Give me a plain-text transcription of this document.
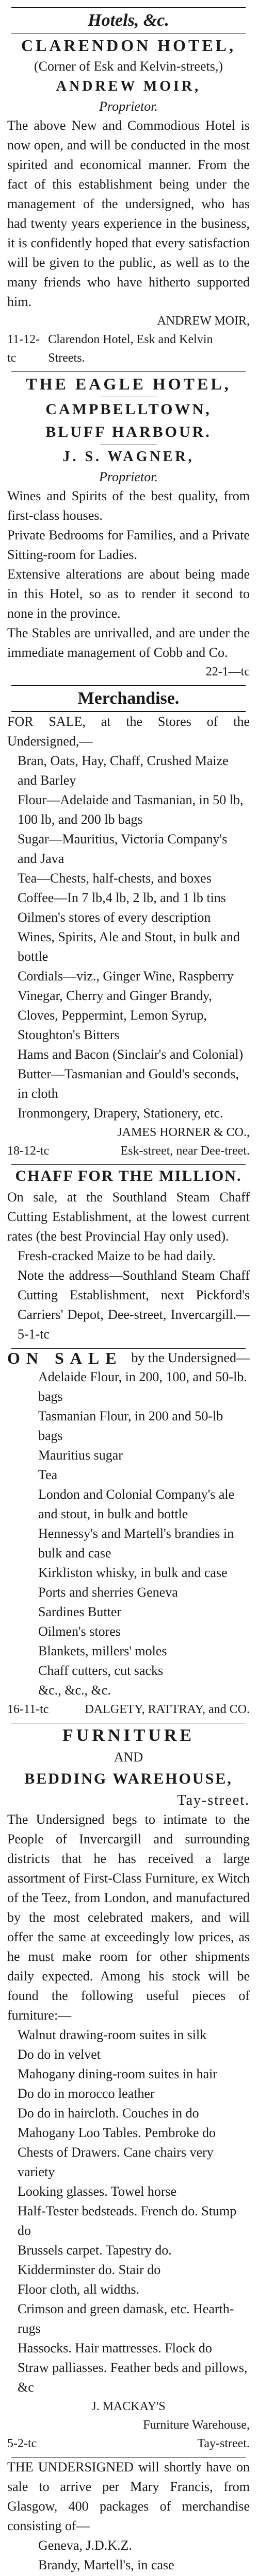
Hotels, &c.
CLARENDON HOTEL,
(Corner of Esk and Kelvin-streets,)
ANDREW MOIR,
Proprietor.
The above New and Commodious Hotel is now open, and will be conducted in the most spirited and economical manner. From the fact of this establishment being under the management of the undersigned, who has had twenty years experience in the business, it is confidently hoped that every satisfaction will be given to the public, as well as to the many friends who have hitherto supported him.
ANDREW MOIR,
11-12-tc
Clarendon Hotel, Esk and Kelvin Streets.
THE EAGLE HOTEL,
CAMPBELLTOWN,
BLUFF HARBOUR.
J. S. WAGNER,
Proprietor.
Wines and Spirits of the best quality, from first-class houses.
Private Bedrooms for Families, and a Private Sitting-room for Ladies.
Extensive alterations are about being made in this Hotel, so as to render it second to none in the province.
The Stables are unrivalled, and are under the immediate management of Cobb and Co.
22-1—tc
Merchandise.
FOR SALE, at the Stores of the Undersigned,—
Bran, Oats, Hay, Chaff, Crushed Maize and Barley
Flour—Adelaide and Tasmanian, in 50 lb, 100 lb, and 200 lb bags
Sugar—Mauritius, Victoria Company's and Java
Tea—Chests, half-chests, and boxes
Coffee—In 7 lb,4 lb, 2 lb, and 1 lb tins
Oilmen's stores of every description
Wines, Spirits, Ale and Stout, in bulk and bottle
Cordials—viz., Ginger Wine, Raspberry Vinegar, Cherry and Ginger Brandy, Cloves, Peppermint, Lemon Syrup, Stoughton's Bitters
Hams and Bacon (Sinclair's and Colonial)
Butter—Tasmanian and Gould's seconds, in cloth
Ironmongery, Drapery, Stationery, etc.
JAMES HORNER & CO.,
18-12-tc	Esk-street, near Dee-treet.
CHAFF FOR THE MILLION.
On sale, at the Southland Steam Chaff Cutting Establishment, at the lowest current rates (the best Provincial Hay only used).
Fresh-cracked Maize to be had daily.
Note the address—Southland Steam Chaff Cutting Establishment, next Pickford's Carriers' Depot, Dee-street, Invercargill.—5-1-tc
ON SALE by the Undersigned—
Adelaide Flour, in 200, 100, and 50-lb. bags
Tasmanian Flour, in 200 and 50-lb bags
Mauritius sugar
Tea
London and Colonial Company's ale and stout, in bulk and bottle
Hennessy's and Martell's brandies in bulk and case
Kirkliston whisky, in bulk and case
Ports and sherries Geneva
Sardines Butter
Oilmen's stores
Blankets, millers' moles
Chaff cutters, cut sacks
&c., &c., &c.
16-11-tc	DALGETY, RATTRAY, and CO.
FURNITURE
AND
BEDDING WAREHOUSE,
Tay-street.
The Undersigned begs to intimate to the People of Invercargill and surrounding districts that he has received a large assortment of First-Class Furniture, ex Witch of the Teez, from London, and manufactured by the most celebrated makers, and will offer the same at exceedingly low prices, as he must make room for other shipments daily expected. Among his stock will be found the following useful pieces of furniture:—
Walnut drawing-room suites in silk
Do do in velvet
Mahogany dining-room suites in hair
Do do in morocco leather
Do do in haircloth. Couches in do
Mahogany Loo Tables. Pembroke do
Chests of Drawers. Cane chairs very variety
Looking glasses. Towel horse
Half-Tester bedsteads. French do. Stump do
Brussels carpet. Tapestry do.
Kidderminster do. Stair do
Floor cloth, all widths.
Crimson and green damask, etc. Hearth-rugs
Hassocks. Hair mattresses. Flock do
Straw palliasses. Feather beds and pillows, &c
J. MACKAY'S
Furniture Warehouse,
5-2-tc	Tay-street.
THE UNDERSIGNED will shortly have on sale to arrive per Mary Francis, from Glasgow, 400 packages of merchandise consisting of—
Geneva, J.D.K.Z.
Brandy, Martell's, in case
